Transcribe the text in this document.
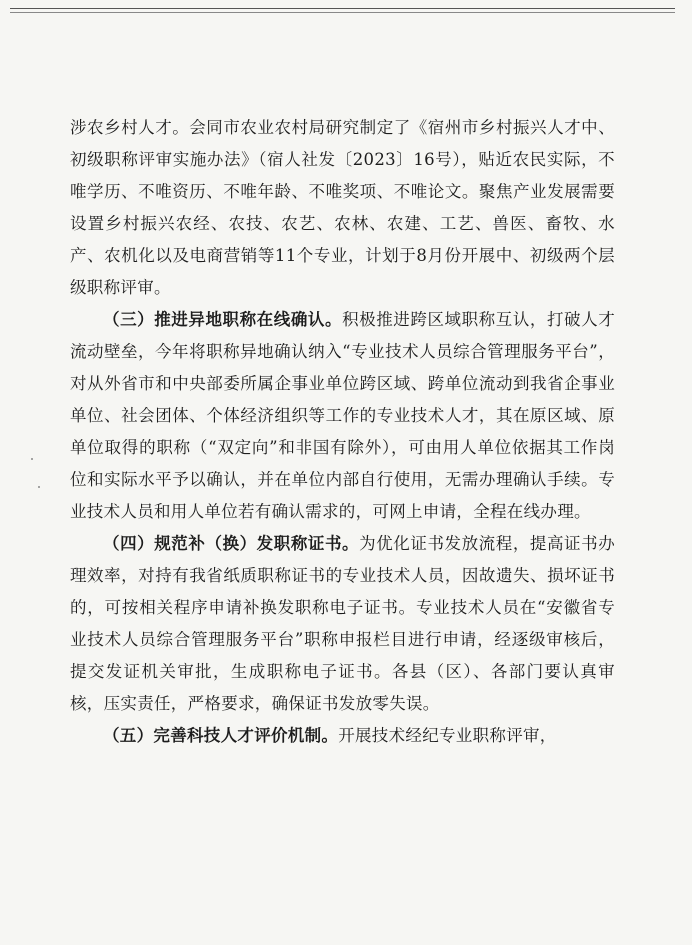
涉农乡村人才。会同市农业农村局研究制定了《宿州市乡村振兴人才中、初级职称评审实施办法》（宿人社发〔2023〕16号），贴近农民实际，不唯学历、不唯资历、不唯年龄、不唯奖项、不唯论文。聚焦产业发展需要设置乡村振兴农经、农技、农艺、农林、农建、工艺、兽医、畜牧、水产、农机化以及电商营销等11个专业，计划于8月份开展中、初级两个层级职称评审。

（三）推进异地职称在线确认。积极推进跨区域职称互认，打破人才流动壁垒，今年将职称异地确认纳入“专业技术人员综合管理服务平台”，对从外省市和中央部委所属企事业单位跨区域、跨单位流动到我省企事业单位、社会团体、个体经济组织等工作的专业技术人才，其在原区域、原单位取得的职称（“双定向”和非国有除外），可由用人单位依据其工作岗位和实际水平予以确认，并在单位内部自行使用，无需办理确认手续。专业技术人员和用人单位若有确认需求的，可网上申请，全程在线办理。

（四）规范补（换）发职称证书。为优化证书发放流程，提高证书办理效率，对持有我省纸质职称证书的专业技术人员，因故遗失、损坏证书的，可按相关程序申请补换发职称电子证书。专业技术人员在“安徽省专业技术人员综合管理服务平台”职称申报栏目进行申请，经逐级审核后，提交发证机关审批，生成职称电子证书。各县（区）、各部门要认真审核，压实责任，严格要求，确保证书发放零失误。

（五）完善科技人才评价机制。开展技术经纪专业职称评审，
